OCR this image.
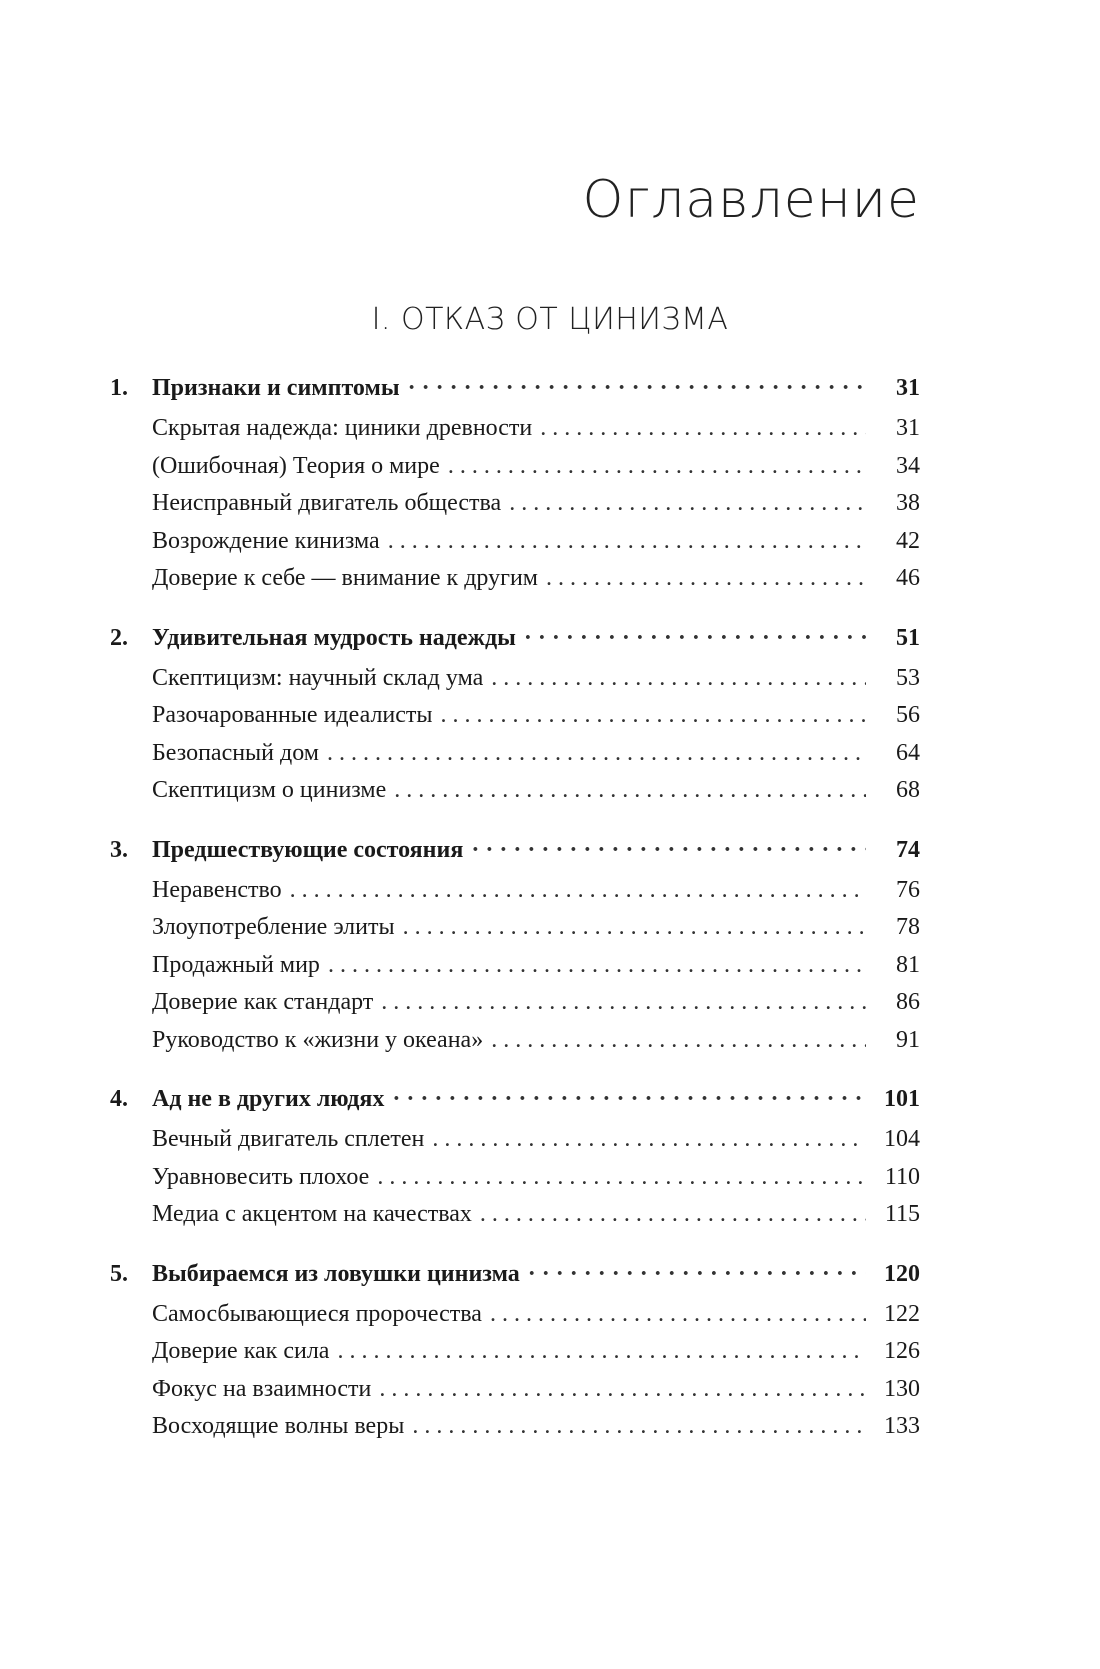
Оглавление
I. ОТКАЗ ОТ ЦИНИЗМА
1.	Признаки и симптомы · · ·	31
Скрытая надежда: циники древности . . .	31
(Ошибочная) Теория о мире . . .	34
Неисправный двигатель общества . . .	38
Возрождение кинизма . . .	42
Доверие к себе — внимание к другим . . .	46
2.	Удивительная мудрость надежды · · ·	51
Скептицизм: научный склад ума . . .	53
Разочарованные идеалисты . . .	56
Безопасный дом . . .	64
Скептицизм о цинизме . . .	68
3.	Предшествующие состояния · · ·	74
Неравенство . . .	76
Злоупотребление элиты . . .	78
Продажный мир . . .	81
Доверие как стандарт . . .	86
Руководство к «жизни у океана» . . .	91
4.	Ад не в других людях · · ·	101
Вечный двигатель сплетен . . .	104
Уравновесить плохое . . .	110
Медиа с акцентом на качествах . . .	115
5.	Выбираемся из ловушки цинизма · · ·	120
Самосбывающиеся пророчества . . .	122
Доверие как сила . . .	126
Фокус на взаимности . . .	130
Восходящие волны веры . . .	133
